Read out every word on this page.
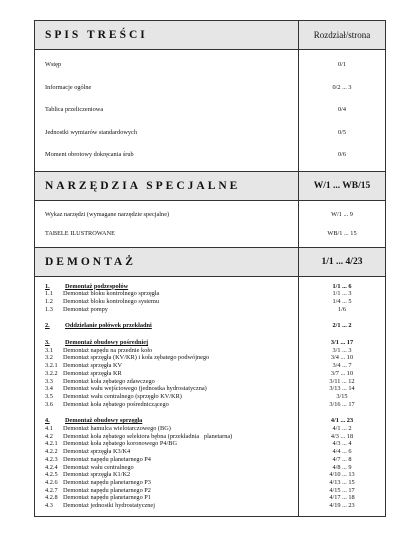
SPIS TREŚCI	Rozdział/strona
Wstęp	0/1
Informacje ogólne	0/2 ... 3
Tablica przeliczeniowa	0/4
Jednostki wymiarów standardowych	0/5
Moment obrotowy dokręcania śrub	0/6
NARZĘDZIA SPECJALNE	W/1 ... WB/15
Wykaz narzędzi (wymagane narzędzie specjalne)	W/1 ... 9
TABELE ILUSTROWANE	WB/1 ... 15
DEMONTAŻ	1/1 ... 4/23
1. Demontaż podzespołów	1/1 ... 6
1.1 Demontaż bloku kontrolnego sprzęgła	1/1 ... 3
1.2 Demontaż bloku kontrolnego systemu	1/4 ... 5
1.3 Demontaż pompy	1/6
2. Oddzielanie połówek przekładni	2/1 ... 2
3. Demontaż obudowy pośredniej	3/1 ... 17
3.1 Demontaż napędu na przednie koło	3/1 ... 3
3.2 Demontaż sprzęgła (KV/KR) i koła zębatego podwójnego	3/4 ... 10
3.2.1 Demontaż sprzęgła KV	3/4 ... 7
3.2.2 Demontaż sprzęgła KR	3/7 ... 10
3.3 Demontaż koła zębatego zdawczego	3/11 ... 12
3.4 Demontaż wału wejściowego (jednostka hydrostatyczna)	3/13 ... 14
3.5 Demontaż wału centralnego (sprzęgło KV/KR)	3/15
3.6 Demontaż koła zębatego pośredniczącego	3/16 ... 17
4. Demontaż obudowy sprzęgła	4/1 ... 23
4.1 Demontaż hamulca wielotarczowego (BG)	4/1 ... 2
4.2 Demontaż koła zębatego selektora bębna (przekładnia   planetarna)	4/3 ... 18
4.2.1 Demontaż koła zębatego koronowego P4/BG	4/3 ... 4
4.2.2 Demontaż sprzęgła K3/K4	4/4 ... 6
4.2.3 Demontaż napędu planetarnego P4	4/7 ... 8
4.2.4 Demontaż wału centralnego	4/8 ... 9
4.2.5 Demontaż sprzęgła K1/K2	4/10 ... 13
4.2.6 Demontaż napędu planetarnego P3	4/13 ... 15
4.2.7 Demontaż napędu planetarnego P2	4/15 ... 17
4.2.8 Demontaż napędu planetarnego P1	4/17 ... 18
4.3 Demontaż jednostki hydrostatycznej	4/19 ... 23
